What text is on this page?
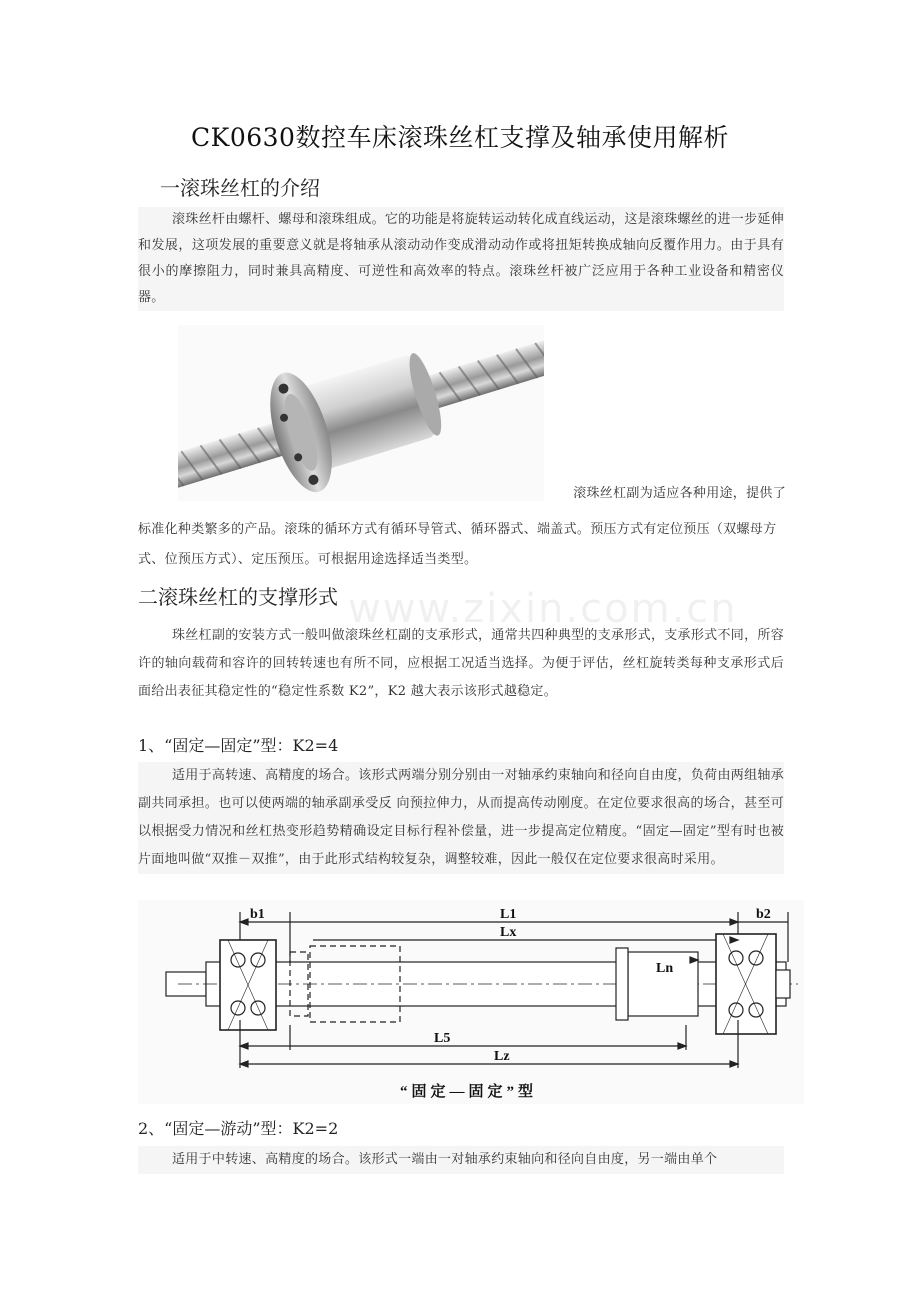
CK0630数控车床滚珠丝杠支撑及轴承使用解析
一滚珠丝杠的介绍
滚珠丝杆由螺杆、螺母和滚珠组成。它的功能是将旋转运动转化成直线运动，这是滚珠螺丝的进一步延伸和发展，这项发展的重要意义就是将轴承从滚动动作变成滑动动作或将扭矩转换成轴向反覆作用力。由于具有很小的摩擦阻力，同时兼具高精度、可逆性和高效率的特点。滚珠丝杆被广泛应用于各种工业设备和精密仪器。
滚珠丝杠副为适应各种用途，提供了
标准化种类繁多的产品。滚珠的循环方式有循环导管式、循环器式、端盖式。预压方式有定位预压（双螺母方式、位预压方式）、定压预压。可根据用途选择适当类型。
二滚珠丝杠的支撑形式 www.zixin.com.cn
珠丝杠副的安装方式一般叫做滚珠丝杠副的支承形式，通常共四种典型的支承形式，支承形式不同，所容许的轴向载荷和容许的回转转速也有所不同，应根据工况适当选择。为便于评估，丝杠旋转类每种支承形式后面给出表征其稳定性的“稳定性系数 K2”，K2 越大表示该形式越稳定。
1、“固定—固定”型：K2=4
适用于高转速、高精度的场合。该形式两端分别分别由一对轴承约束轴向和径向自由度，负荷由两组轴承副共同承担。也可以使两端的轴承副承受反 向预拉伸力，从而提高传动刚度。在定位要求很高的场合，甚至可以根据受力情况和丝杠热变形趋势精确设定目标行程补偿量，进一步提高定位精度。“固定—固定”型有时也被 片面地叫做“双推－双推”，由于此形式结构较复杂，调整较难，因此一般仅在定位要求很高时采用。
b1	L1	b2
Lx
Ln
L5
Lz
“固定—固定”型
2、“固定—游动”型：K2=2
适用于中转速、高精度的场合。该形式一端由一对轴承约束轴向和径向自由度，另一端由单个
